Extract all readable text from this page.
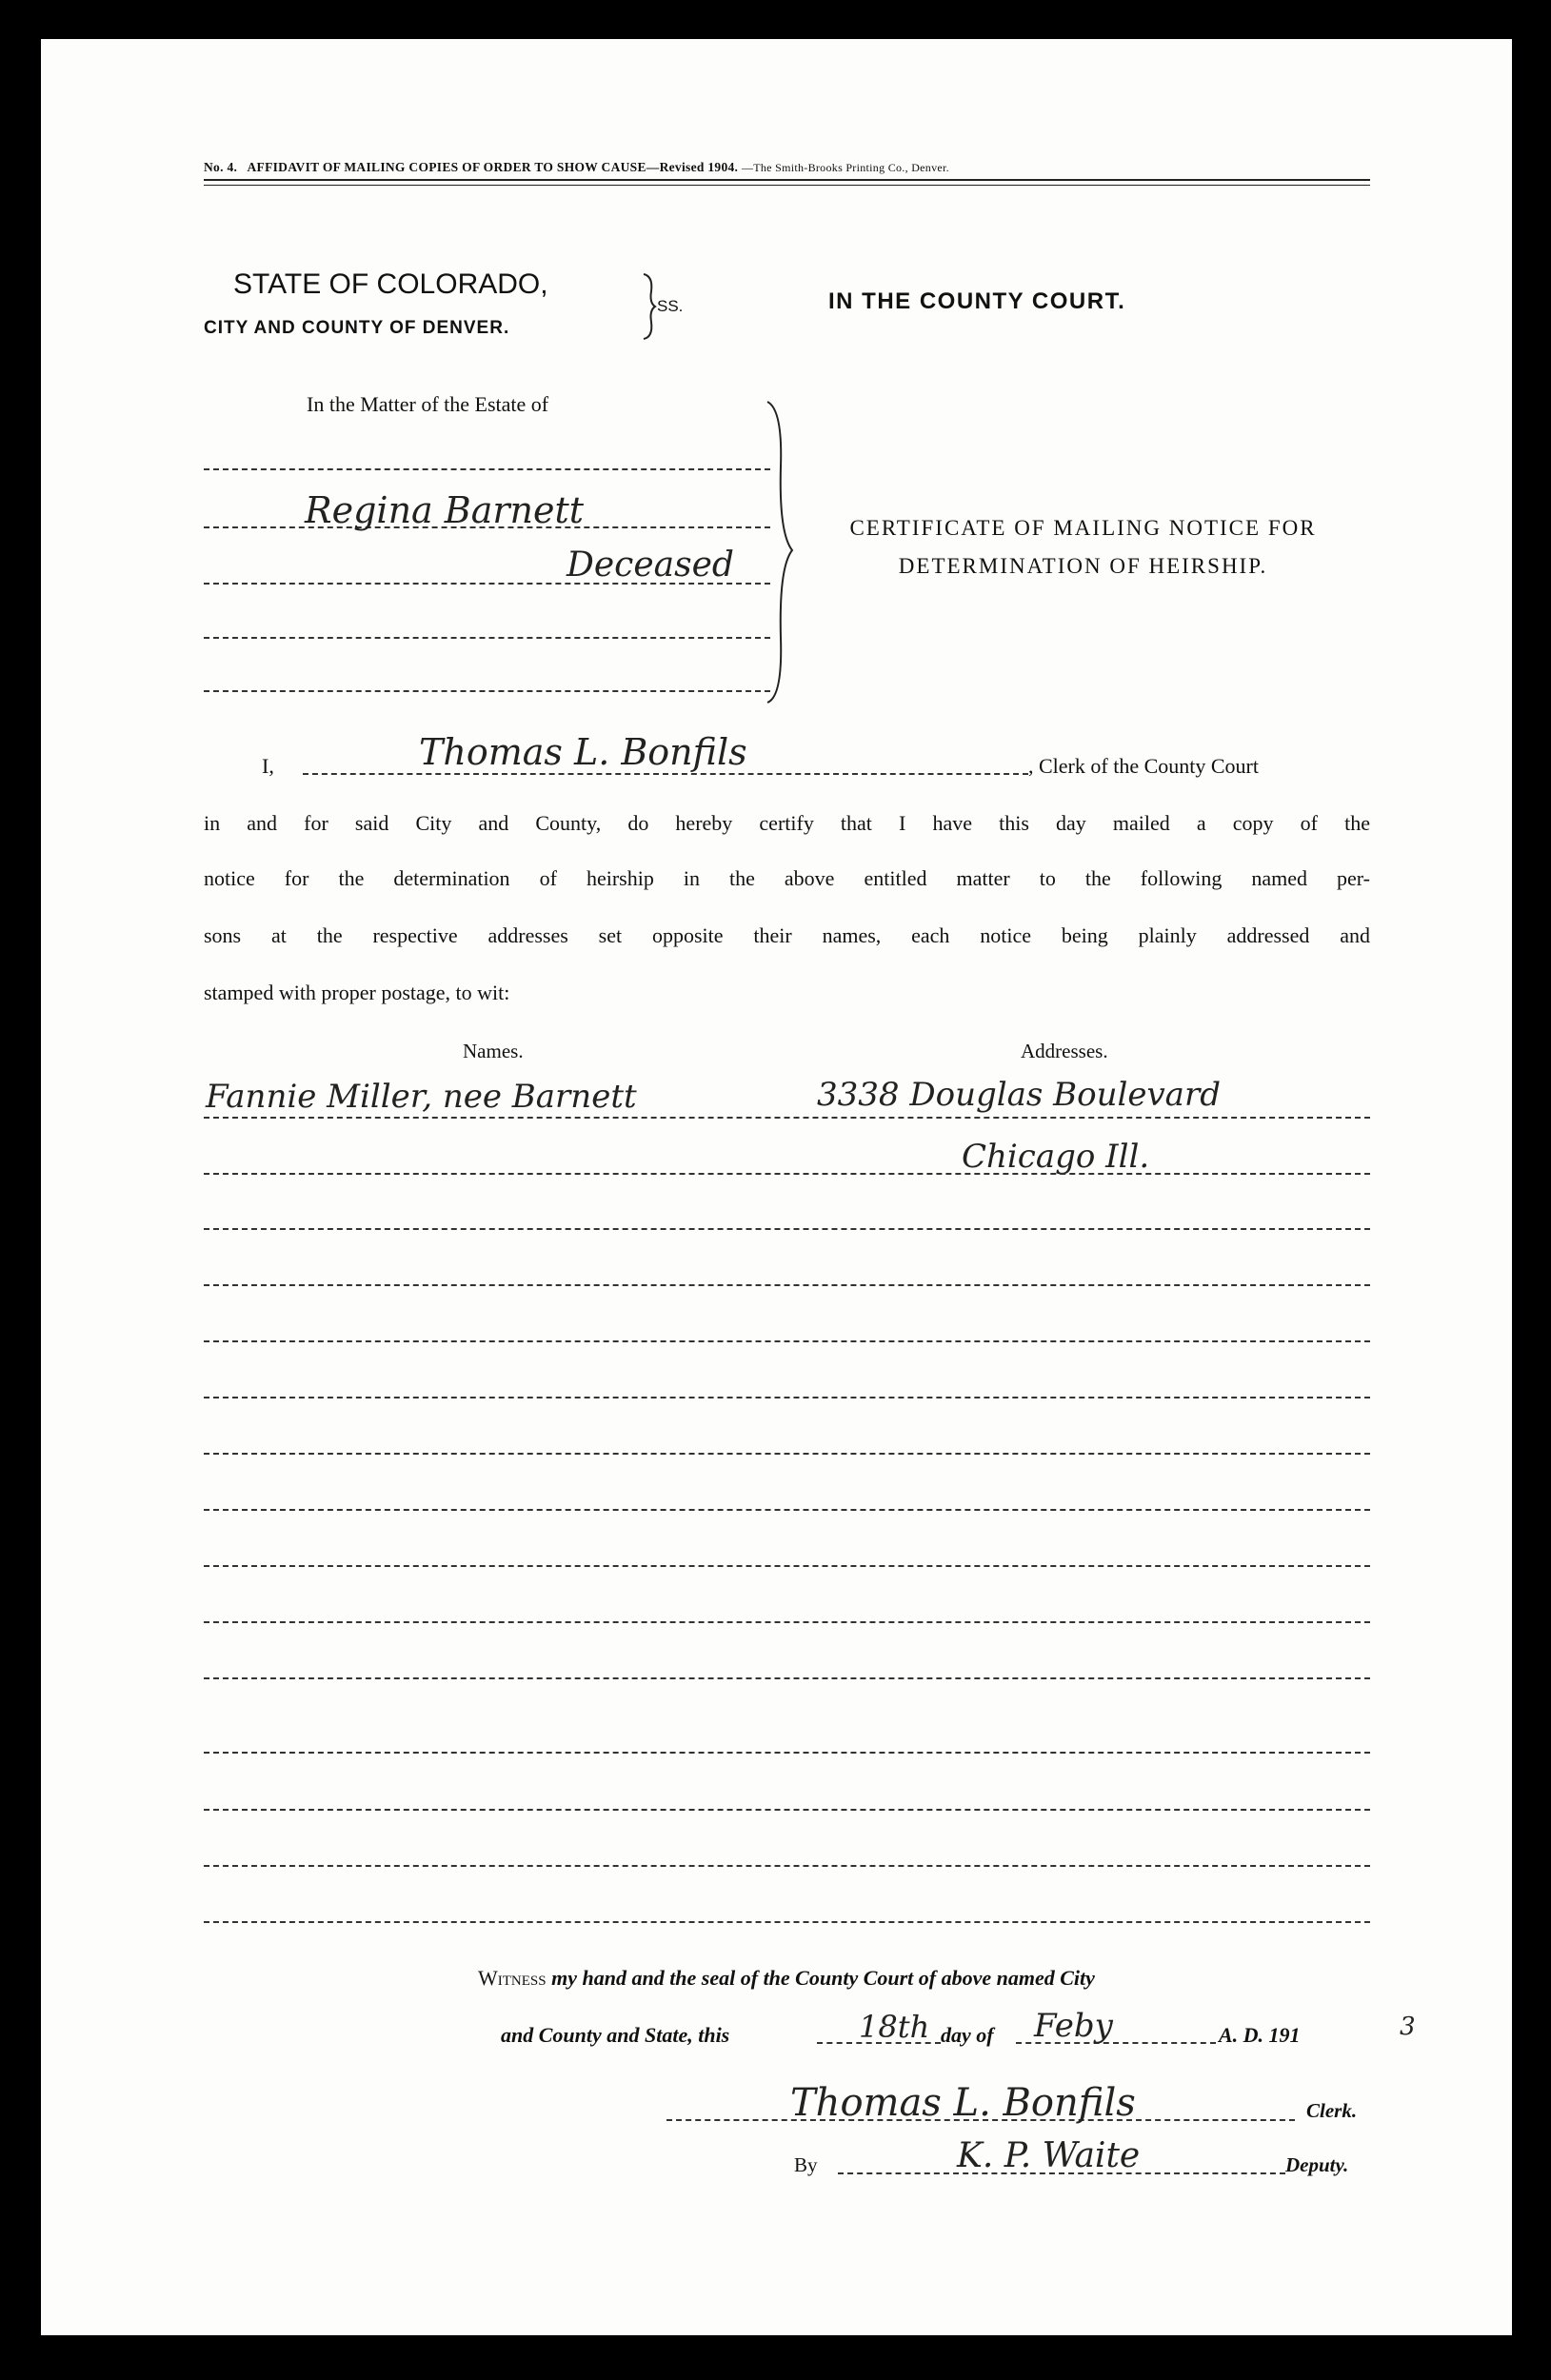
No. 4. AFFIDAVIT OF MAILING COPIES OF ORDER TO SHOW CAUSE—Revised 1904. —The Smith-Brooks Printing Co., Denver.
STATE OF COLORADO,
CITY AND COUNTY OF DENVER.
SS.	IN THE COUNTY COURT.
In the Matter of the Estate of
Regina Barnett
Deceased
CERTIFICATE OF MAILING NOTICE FOR DETERMINATION OF HEIRSHIP.
I,	Thomas L. Bonfils	, Clerk of the County Court
in and for said City and County, do hereby certify that I have this day mailed a copy of the
notice for the determination of heirship in the above entitled matter to the following named per-
sons at the respective addresses set opposite their names, each notice being plainly addressed and
stamped with proper postage, to wit:
Names.	Addresses.
Fannie Miller, nee Barnett	3338 Douglas Boulevard
Chicago Ill.
Witness my hand and the seal of the County Court of above named City
and County and State, this	18th day of Feby	A. D. 191	3
Thomas L. Bonfils	Clerk.
By	K. P. Waite	Deputy.
